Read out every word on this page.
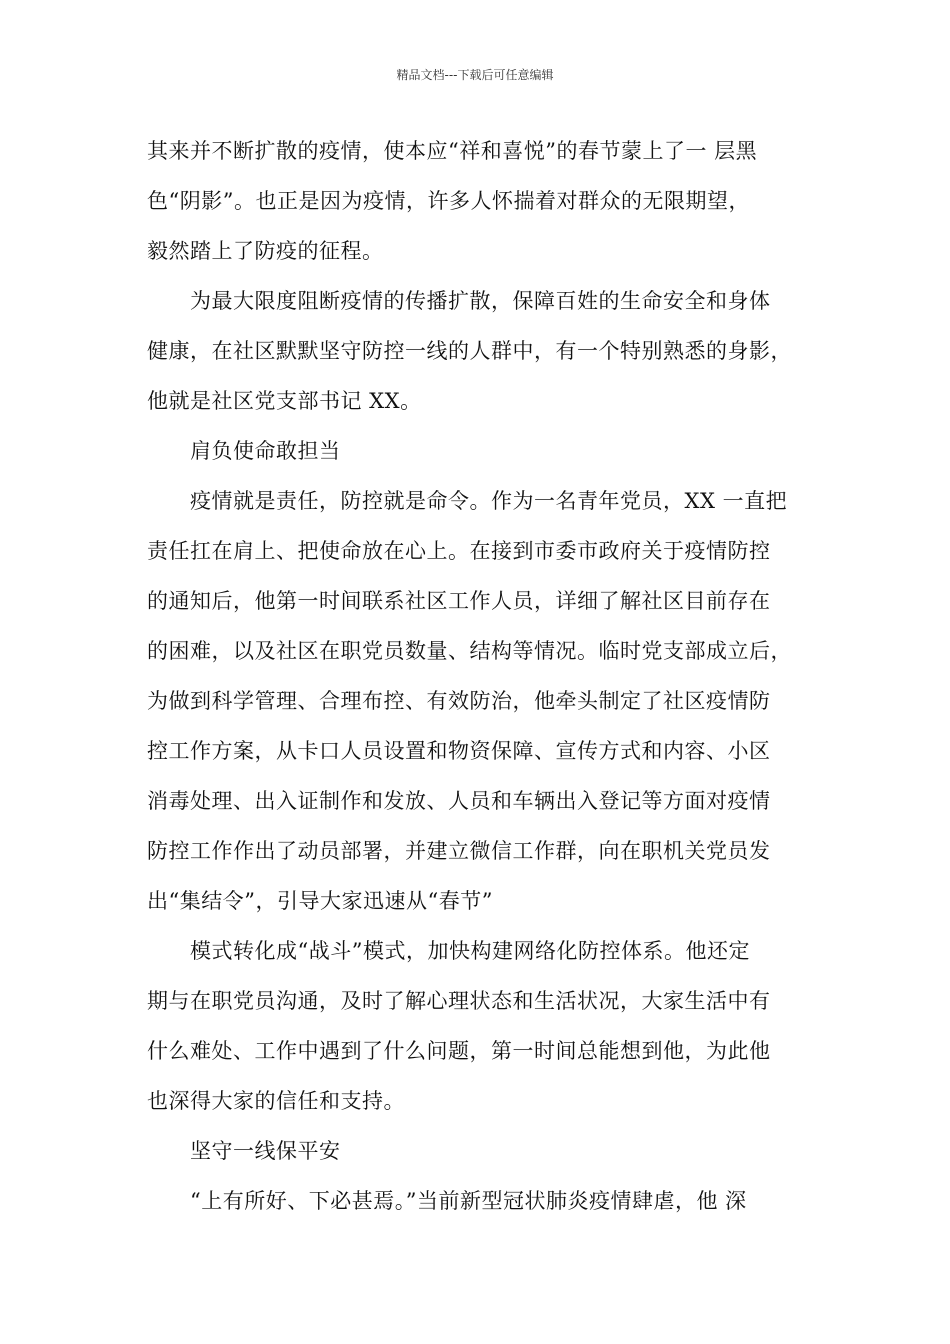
精品文档---下载后可任意编辑

其来并不断扩散的疫情，使本应“祥和喜悦”的春节蒙上了一 层黑
色“阴影”。也正是因为疫情，许多人怀揣着对群众的无限期望，
毅然踏上了防疫的征程。

为最大限度阻断疫情的传播扩散，保障百姓的生命安全和身体
健康，在社区默默坚守防控一线的人群中，有一个特别熟悉的身影，
他就是社区党支部书记 XX。

肩负使命敢担当

疫情就是责任，防控就是命令。作为一名青年党员，XX 一直把
责任扛在肩上、把使命放在心上。在接到市委市政府关于疫情防控
的通知后，他第一时间联系社区工作人员，详细了解社区目前存在
的困难，以及社区在职党员数量、结构等情况。临时党支部成立后，
为做到科学管理、合理布控、有效防治，他牵头制定了社区疫情防
控工作方案，从卡口人员设置和物资保障、宣传方式和内容、小区
消毒处理、出入证制作和发放、人员和车辆出入登记等方面对疫情
防控工作作出了动员部署，并建立微信工作群，向在职机关党员发
出“集结令”，引导大家迅速从“春节”

模式转化成“战斗”模式，加快构建网络化防控体系。他还定
期与在职党员沟通，及时了解心理状态和生活状况，大家生活中有
什么难处、工作中遇到了什么问题，第一时间总能想到他，为此他
也深得大家的信任和支持。

坚守一线保平安

“上有所好、下必甚焉。”当前新型冠状肺炎疫情肆虐，他 深
